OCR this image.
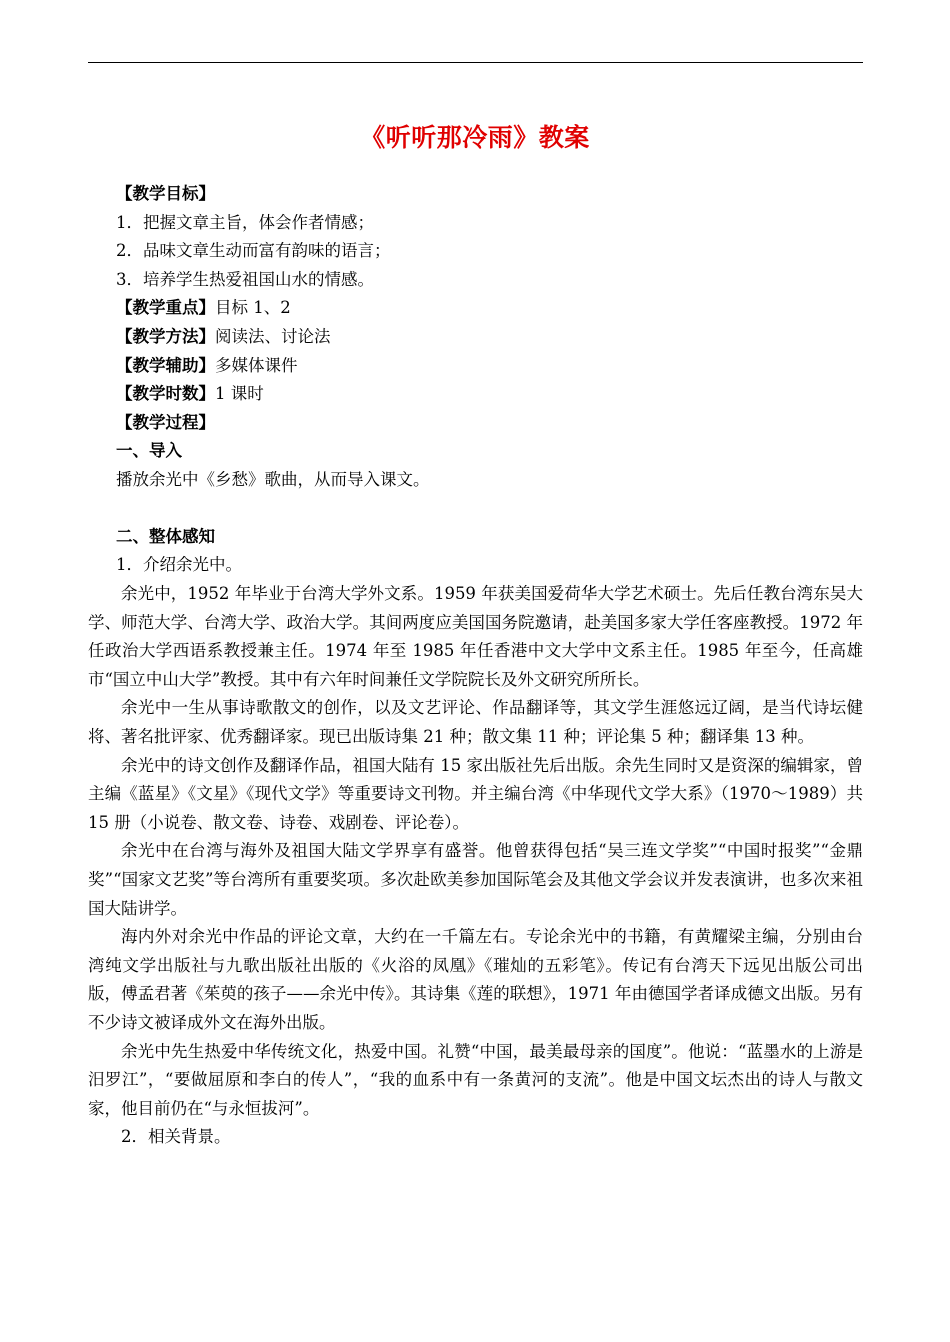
《听听那冷雨》教案
【教学目标】
1．把握文章主旨，体会作者情感；
2．品味文章生动而富有韵味的语言；
3．培养学生热爱祖国山水的情感。
【教学重点】目标 1、2
【教学方法】阅读法、讨论法
【教学辅助】多媒体课件
【教学时数】1 课时
【教学过程】
一、导入
播放余光中《乡愁》歌曲，从而导入课文。
二、整体感知
1．介绍余光中。

余光中，1952 年毕业于台湾大学外文系。1959 年获美国爱荷华大学艺术硕士。先后任教台湾东吴大学、师范大学、台湾大学、政治大学。其间两度应美国国务院邀请，赴美国多家大学任客座教授。1972 年任政治大学西语系教授兼主任。1974 年至 1985 年任香港中文大学中文系主任。1985 年至今，任高雄市“国立中山大学”教授。其中有六年时间兼任文学院院长及外文研究所所长。

余光中一生从事诗歌散文的创作，以及文艺评论、作品翻译等，其文学生涯悠远辽阔，是当代诗坛健将、著名批评家、优秀翻译家。现已出版诗集 21 种；散文集 11 种；评论集 5 种；翻译集 13 种。

余光中的诗文创作及翻译作品，祖国大陆有 15 家出版社先后出版。余先生同时又是资深的编辑家，曾主编《蓝星》《文星》《现代文学》等重要诗文刊物。并主编台湾《中华现代文学大系》（1970～1989）共 15 册（小说卷、散文卷、诗卷、戏剧卷、评论卷）。

余光中在台湾与海外及祖国大陆文学界享有盛誉。他曾获得包括“吴三连文学奖”“中国时报奖”“金鼎奖”“国家文艺奖”等台湾所有重要奖项。多次赴欧美参加国际笔会及其他文学会议并发表演讲，也多次来祖国大陆讲学。

海内外对余光中作品的评论文章，大约在一千篇左右。专论余光中的书籍，有黄耀梁主编，分别由台湾纯文学出版社与九歌出版社出版的《火浴的凤凰》《璀灿的五彩笔》。传记有台湾天下远见出版公司出版，傅孟君著《茱萸的孩子——余光中传》。其诗集《莲的联想》，1971 年由德国学者译成德文出版。另有不少诗文被译成外文在海外出版。

余光中先生热爱中华传统文化，热爱中国。礼赞“中国，最美最母亲的国度”。他说：“蓝墨水的上游是汨罗江”，“要做屈原和李白的传人”，“我的血系中有一条黄河的支流”。他是中国文坛杰出的诗人与散文家，他目前仍在“与永恒拔河”。

2．相关背景。
